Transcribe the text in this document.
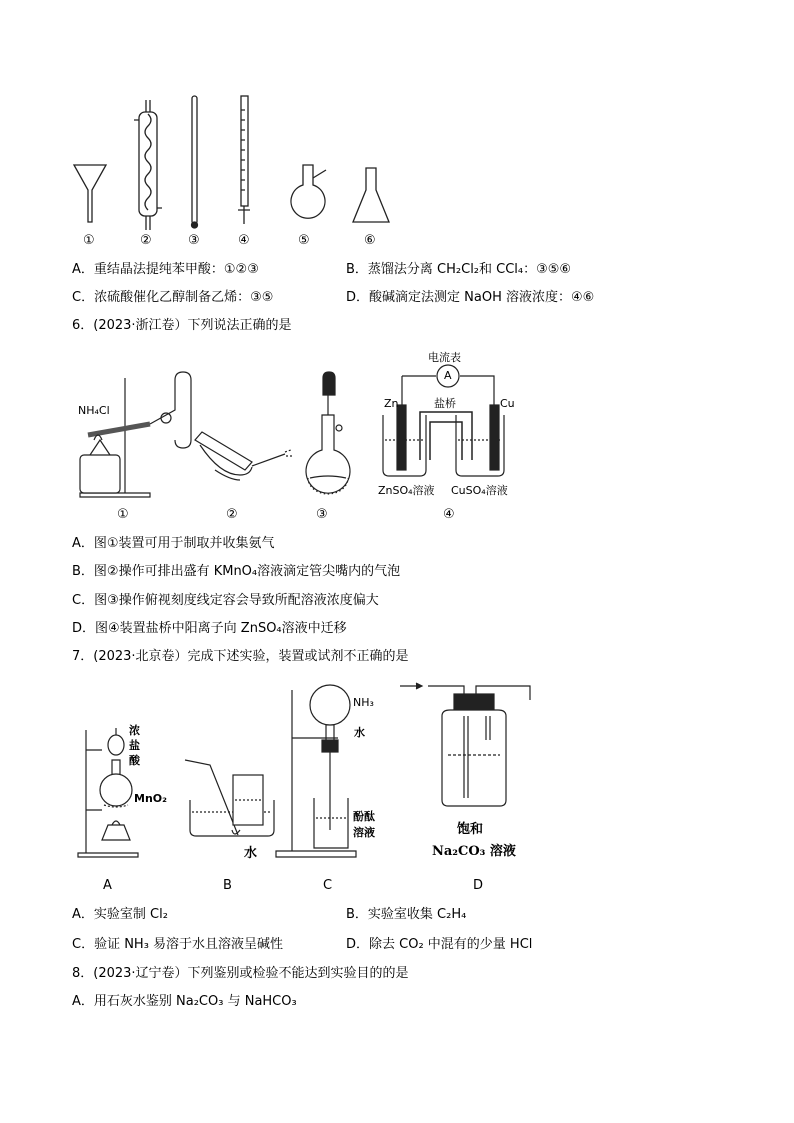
①	②	③	④	⑤	⑥
A．重结晶法提纯苯甲酸：①②③	B．蒸馏法分离 CH₂Cl₂和 CCl₄：③⑤⑥
C．浓硫酸催化乙醇制备乙烯：③⑤	D．酸碱滴定法测定 NaOH 溶液浓度：④⑥
6．(2023·浙江卷）下列说法正确的是
NH₄Cl
电流表
A
Zn	Cu
盐桥
ZnSO₄溶液 CuSO₄溶液
①	②	③	④
A．图①装置可用于制取并收集氨气
B．图②操作可排出盛有 KMnO₄溶液滴定管尖嘴内的气泡
C．图③操作俯视刻度线定容会导致所配溶液浓度偏大
D．图④装置盐桥中阳离子向 ZnSO₄溶液中迁移
7．(2023·北京卷）完成下述实验，装置或试剂不正确的是
浓
盐
酸
MnO₂
水
NH₃
水
酚酞
溶液	饱和
Na₂CO₃ 溶液
A	B	C	D
A．实验室制 Cl₂	B．实验室收集 C₂H₄
C．验证 NH₃ 易溶于水且溶液呈碱性	D．除去 CO₂ 中混有的少量 HCl
8．(2023·辽宁卷）下列鉴别或检验不能达到实验目的的是
A．用石灰水鉴别 Na₂CO₃ 与 NaHCO₃
